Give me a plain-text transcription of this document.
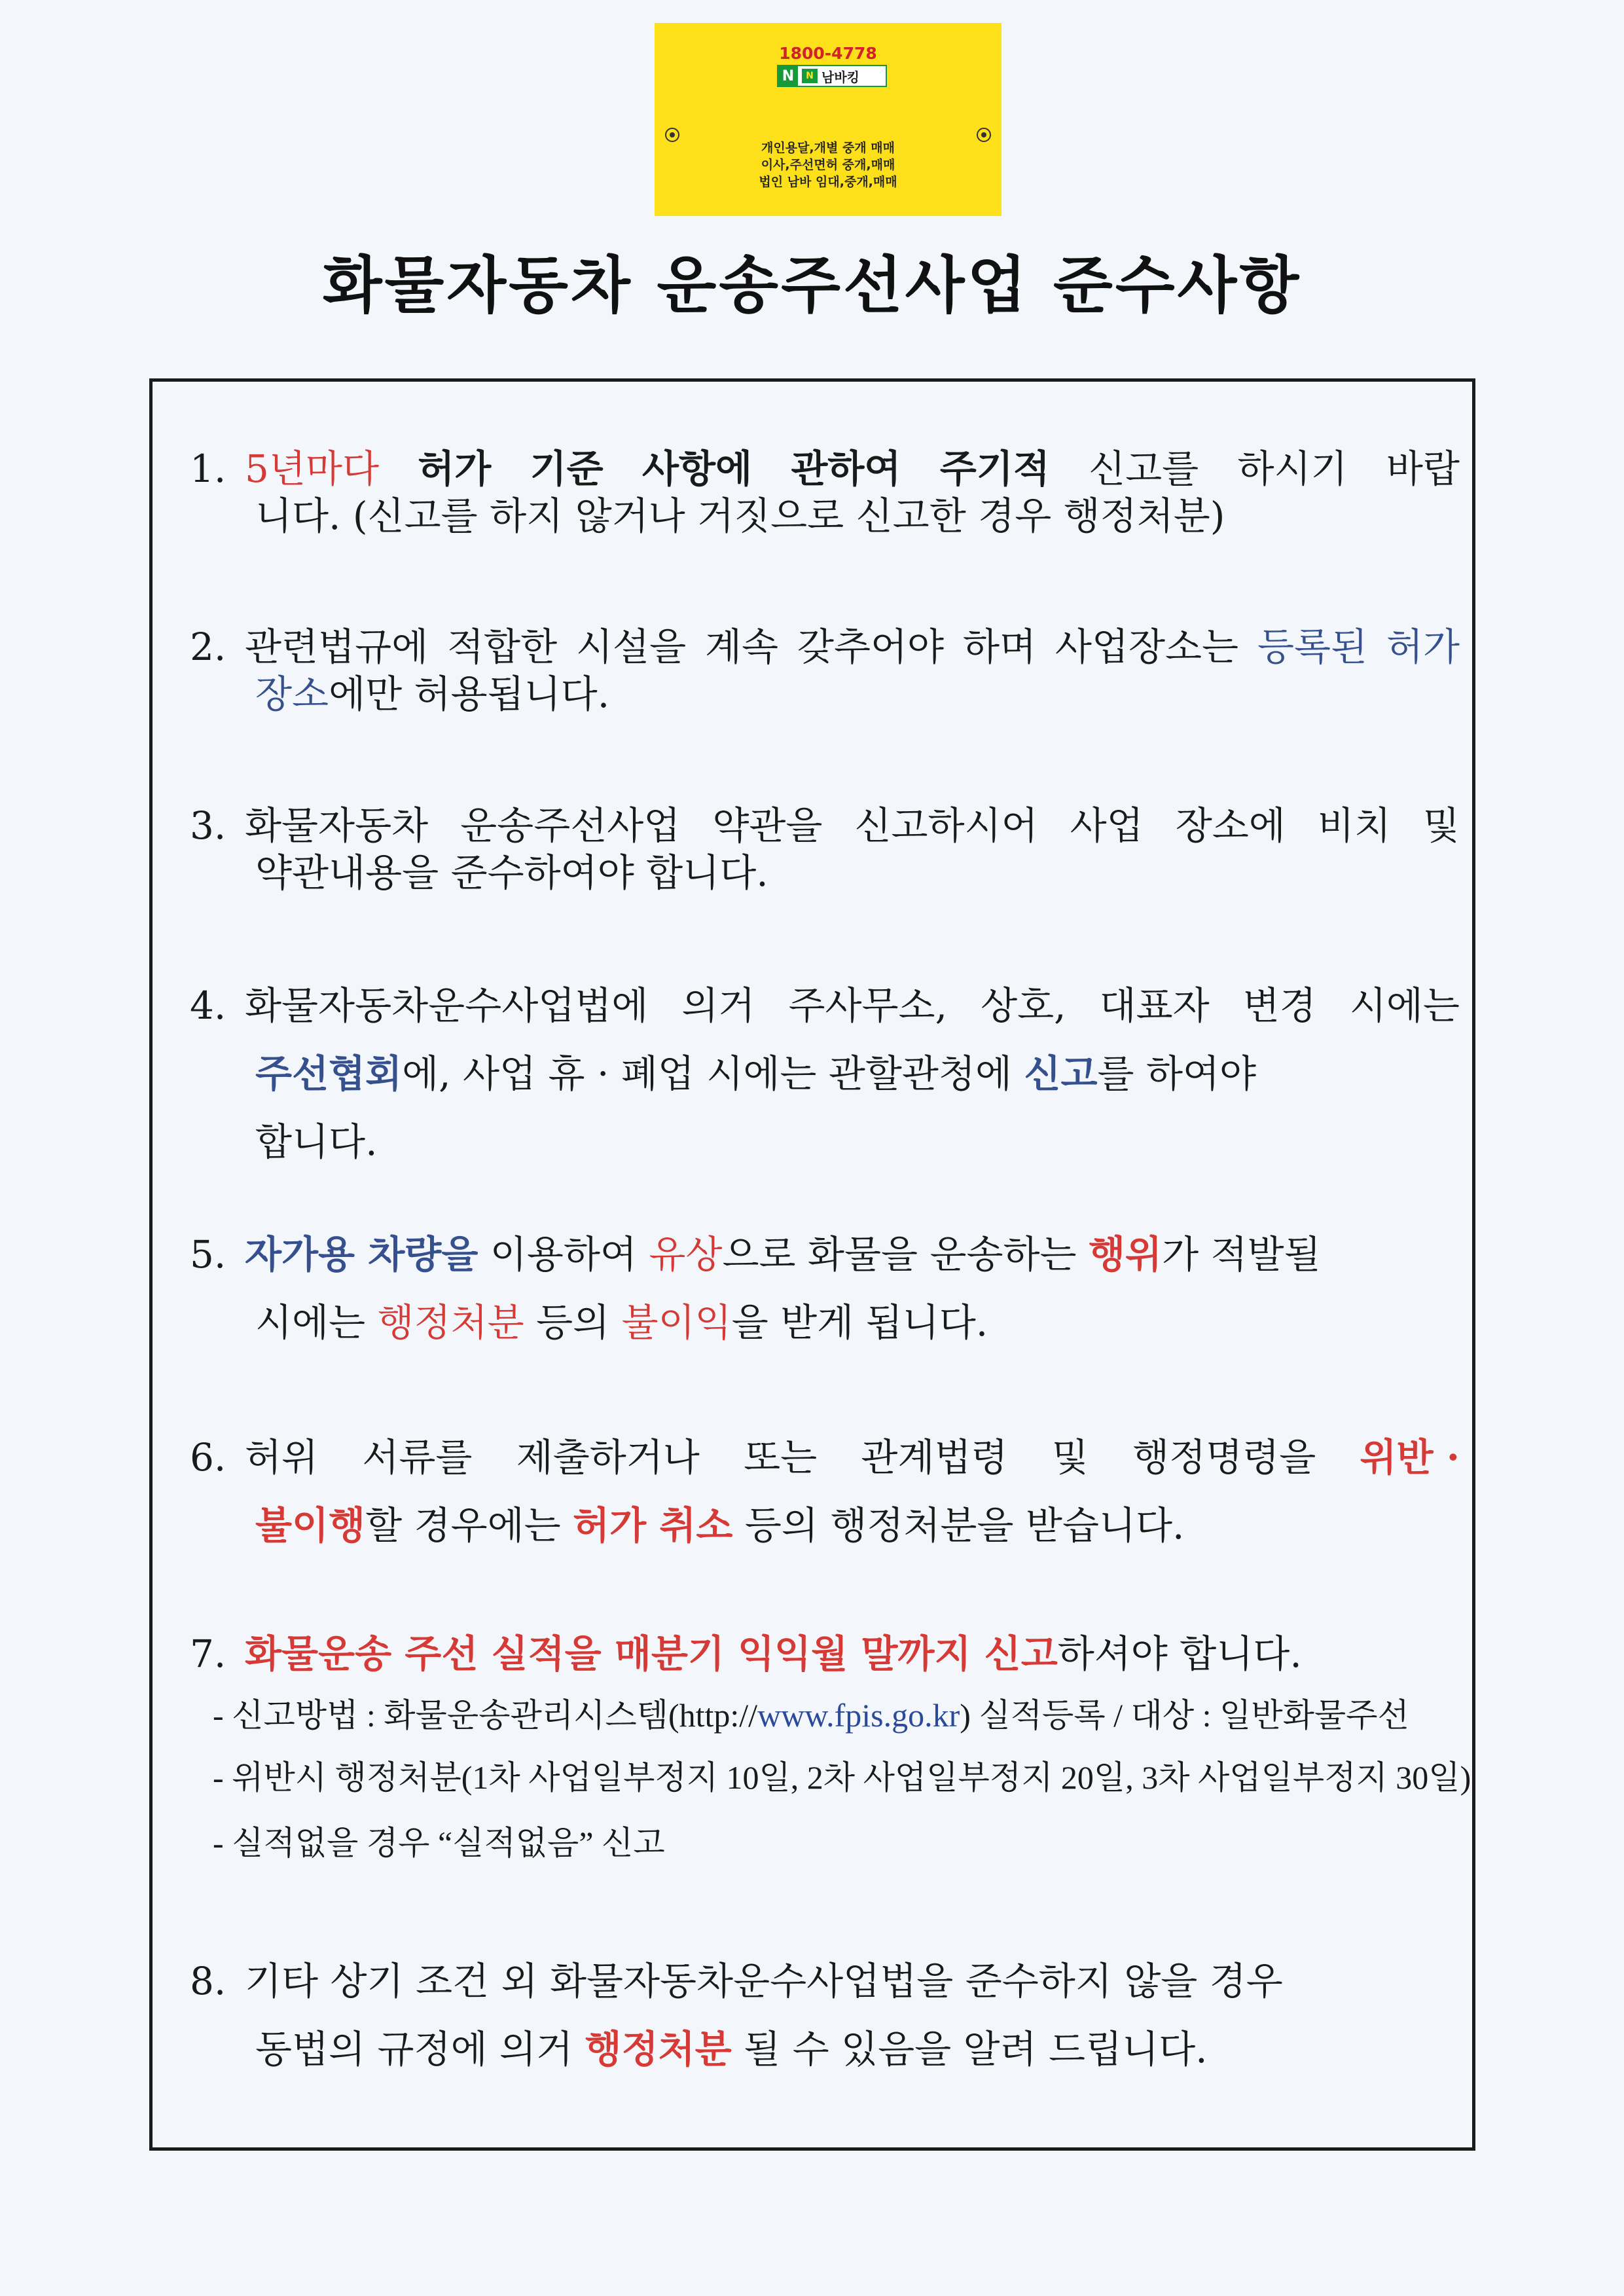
1800-4778
N	N 남바킹
개인용달,개별 중개 매매
이사,주선면허 중개,매매
법인 남바 임대,중개,매매
화물자동차 운송주선사업 준수사항
1. 5년마다 허가 기준 사항에 관하여 주기적 신고를 하시기 바랍
니다. (신고를 하지 않거나 거짓으로 신고한 경우 행정처분)
2. 관련법규에 적합한 시설을 계속 갖추어야 하며 사업장소는 등록된 허가
장소에만 허용됩니다.
3. 화물자동차 운송주선사업 약관을 신고하시어 사업 장소에 비치 및
약관내용을 준수하여야 합니다.
4. 화물자동차운수사업법에 의거 주사무소, 상호, 대표자 변경 시에는
주선협회에, 사업 휴 · 폐업 시에는 관할관청에 신고를 하여야
합니다.
5. 자가용 차량을 이용하여 유상으로 화물을 운송하는 행위가 적발될
시에는 행정처분 등의 불이익을 받게 됩니다.
6. 허위 서류를 제출하거나 또는 관계법령 및 행정명령을 위반 ·
불이행할 경우에는 허가 취소 등의 행정처분을 받습니다.
7. 화물운송 주선 실적을 매분기 익익월 말까지 신고하셔야 합니다.
- 신고방법 : 화물운송관리시스템(http://www.fpis.go.kr) 실적등록 / 대상 : 일반화물주선
- 위반시 행정처분(1차 사업일부정지 10일, 2차 사업일부정지 20일, 3차 사업일부정지 30일)
- 실적없을 경우 “실적없음” 신고
8. 기타 상기 조건 외 화물자동차운수사업법을 준수하지 않을 경우
동법의 규정에 의거 행정처분 될 수 있음을 알려 드립니다.
